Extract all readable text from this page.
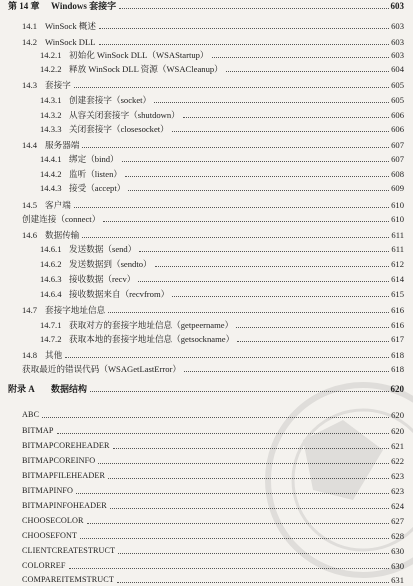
第 14 章	Windows 套接字	603
14.1 WinSock 概述	603
14.2 WinSock DLL	603
14.2.1 初始化 WinSock DLL（WSAStartup）	603
14.2.2 释放 WinSock DLL 资源（WSACleanup）	604
14.3 套接字	605
14.3.1 创建套接字（socket）	605
14.3.2 从容关闭套接字（shutdown）	606
14.3.3 关闭套接字（closesocket）	606
14.4 服务器端	607
14.4.1 绑定（bind）	607
14.4.2 监听（listen）	608
14.4.3 接受（accept）	609
14.5 客户端	610
创建连接（connect）	610
14.6 数据传输	611
14.6.1 发送数据（send）	611
14.6.2 发送数据到（sendto）	612
14.6.3 接收数据（recv）	614
14.6.4 接收数据来自（recvfrom）	615
14.7 套接字地址信息	616
14.7.1 获取对方的套接字地址信息（getpeername）	616
14.7.2 获取本地的套接字地址信息（getsockname）	617
14.8 其他	618
获取最近的错误代码（WSAGetLastError）	618
附录 A	数据结构	620
ABC	620
BITMAP	620
BITMAPCOREHEADER	621
BITMAPCOREINFO	622
BITMAPFILEHEADER	623
BITMAPINFO	623
BITMAPINFOHEADER	624
CHOOSECOLOR	627
CHOOSEFONT	628
CLIENTCREATESTRUCT	630
COLORREF	630
COMPAREITEMSTRUCT	631
